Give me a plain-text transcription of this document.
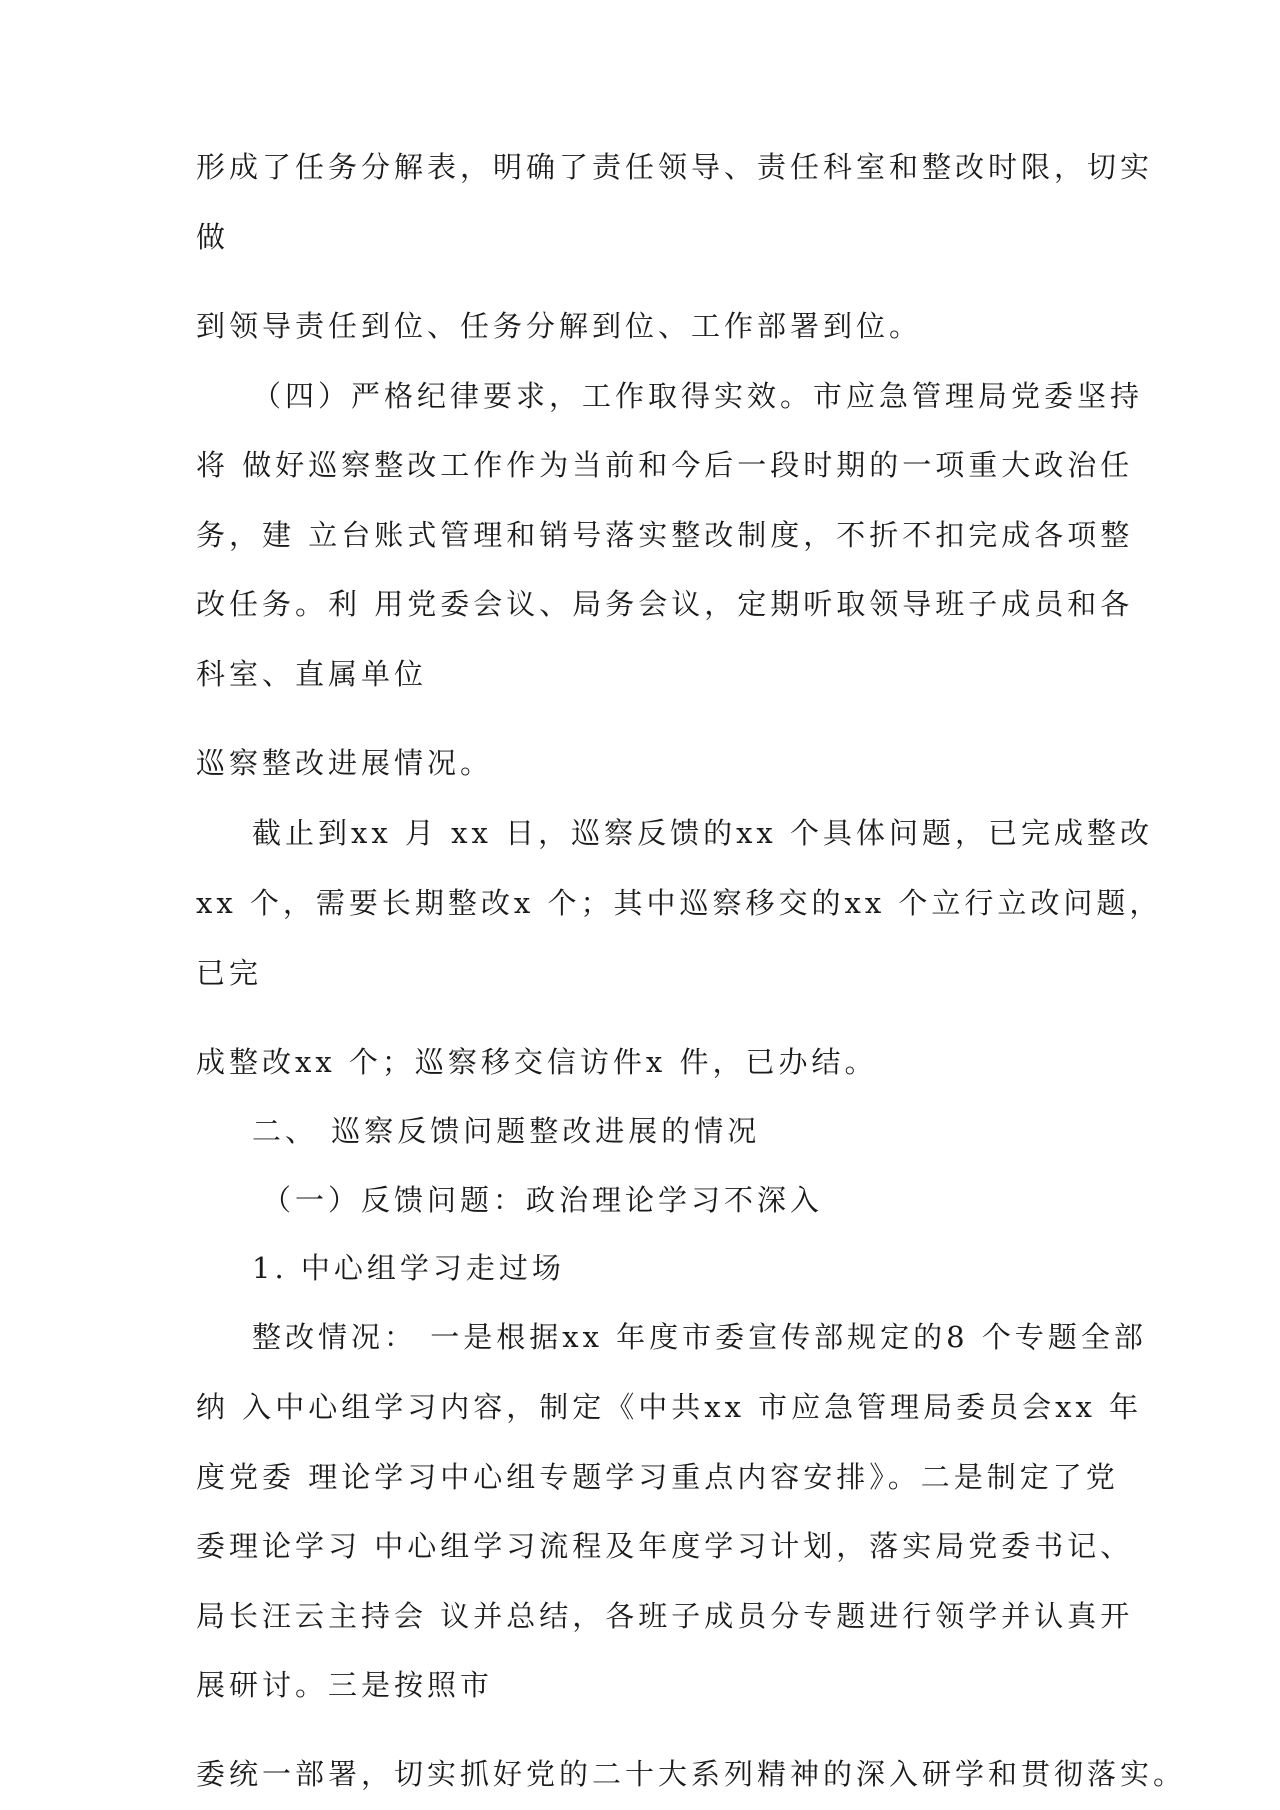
形成了任务分解表，明确了责任领导、责任科室和整改时限，切实
做
到领导责任到位、任务分解到位、工作部署到位。
（四）严格纪律要求，工作取得实效。市应急管理局党委坚持
将 做好巡察整改工作作为当前和今后一段时期的一项重大政治任
务，建 立台账式管理和销号落实整改制度，不折不扣完成各项整
改任务。利 用党委会议、局务会议，定期听取领导班子成员和各
科室、直属单位
巡察整改进展情况。
截止到xx 月 xx 日，巡察反馈的xx 个具体问题，已完成整改
xx 个，需要长期整改x 个；其中巡察移交的xx 个立行立改问题，
已完
成整改xx 个；巡察移交信访件x 件，已办结。
二、 巡察反馈问题整改进展的情况
（一）反馈问题：政治理论学习不深入
1. 中心组学习走过场
整改情况： 一是根据xx 年度市委宣传部规定的8 个专题全部
纳 入中心组学习内容，制定《中共xx 市应急管理局委员会xx 年
度党委 理论学习中心组专题学习重点内容安排》。二是制定了党
委理论学习 中心组学习流程及年度学习计划，落实局党委书记、
局长汪云主持会 议并总结，各班子成员分专题进行领学并认真开
展研讨。三是按照市
委统一部署，切实抓好党的二十大系列精神的深入研学和贯彻落实。
